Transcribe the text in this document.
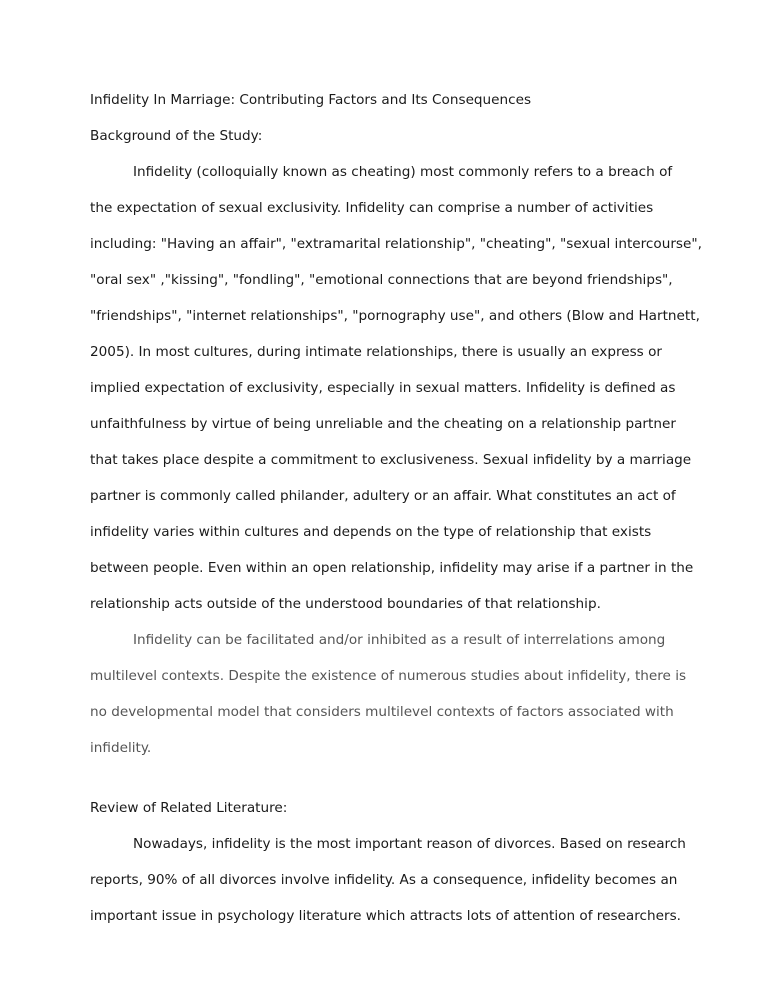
Infidelity In Marriage: Contributing Factors and Its Consequences
Background of the Study:
Infidelity (colloquially known as cheating) most commonly refers to a breach of
the expectation of sexual exclusivity. Infidelity can comprise a number of activities
including: "Having an affair", "extramarital relationship", "cheating", "sexual intercourse",
"oral sex" ,"kissing", "fondling", "emotional connections that are beyond friendships",
"friendships", "internet relationships", "pornography use", and others (Blow and Hartnett,
2005). In most cultures, during intimate relationships, there is usually an express or
implied expectation of exclusivity, especially in sexual matters. Infidelity is defined as
unfaithfulness by virtue of being unreliable and the cheating on a relationship partner
that takes place despite a commitment to exclusiveness. Sexual infidelity by a marriage
partner is commonly called philander, adultery or an affair. What constitutes an act of
infidelity varies within cultures and depends on the type of relationship that exists
between people. Even within an open relationship, infidelity may arise if a partner in the
relationship acts outside of the understood boundaries of that relationship.
Infidelity can be facilitated and/or inhibited as a result of interrelations among
multilevel contexts. Despite the existence of numerous studies about infidelity, there is
no developmental model that considers multilevel contexts of factors associated with
infidelity.
Review of Related Literature:
Nowadays, infidelity is the most important reason of divorces. Based on research
reports, 90% of all divorces involve infidelity. As a consequence, infidelity becomes an
important issue in psychology literature which attracts lots of attention of researchers.
